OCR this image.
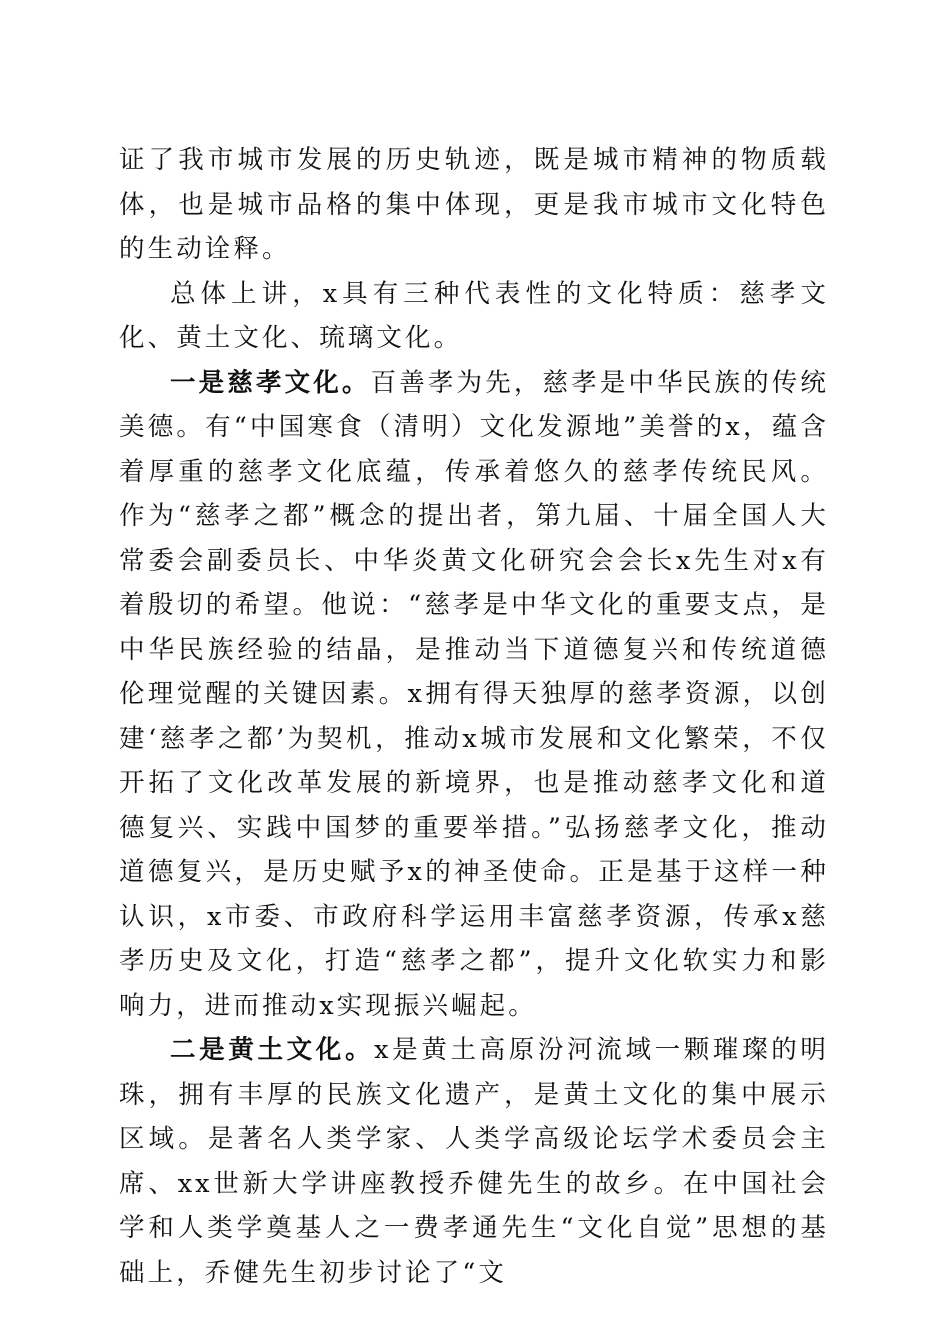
证了我市城市发展的历史轨迹，既是城市精神的物质载体，也是城市品格的集中体现，更是我市城市文化特色的生动诠释。

总体上讲，x具有三种代表性的文化特质：慈孝文化、黄土文化、琉璃文化。

一是慈孝文化。百善孝为先，慈孝是中华民族的传统美德。有“中国寒食（清明）文化发源地”美誉的x，蕴含着厚重的慈孝文化底蕴，传承着悠久的慈孝传统民风。作为“慈孝之都”概念的提出者，第九届、十届全国人大常委会副委员长、中华炎黄文化研究会会长x先生对x有着殷切的希望。他说：“慈孝是中华文化的重要支点，是中华民族经验的结晶，是推动当下道德复兴和传统道德伦理觉醒的关键因素。x拥有得天独厚的慈孝资源，以创建‘慈孝之都’为契机，推动x城市发展和文化繁荣，不仅开拓了文化改革发展的新境界，也是推动慈孝文化和道德复兴、实践中国梦的重要举措。”弘扬慈孝文化，推动道德复兴，是历史赋予x的神圣使命。正是基于这样一种认识，x市委、市政府科学运用丰富慈孝资源，传承x慈孝历史及文化，打造“慈孝之都”，提升文化软实力和影响力，进而推动x实现振兴崛起。

二是黄土文化。x是黄土高原汾河流域一颗璀璨的明珠，拥有丰厚的民族文化遗产，是黄土文化的集中展示区域。是著名人类学家、人类学高级论坛学术委员会主席、xx世新大学讲座教授乔健先生的故乡。在中国社会学和人类学奠基人之一费孝通先生“文化自觉”思想的基础上，乔健先生初步讨论了“文
